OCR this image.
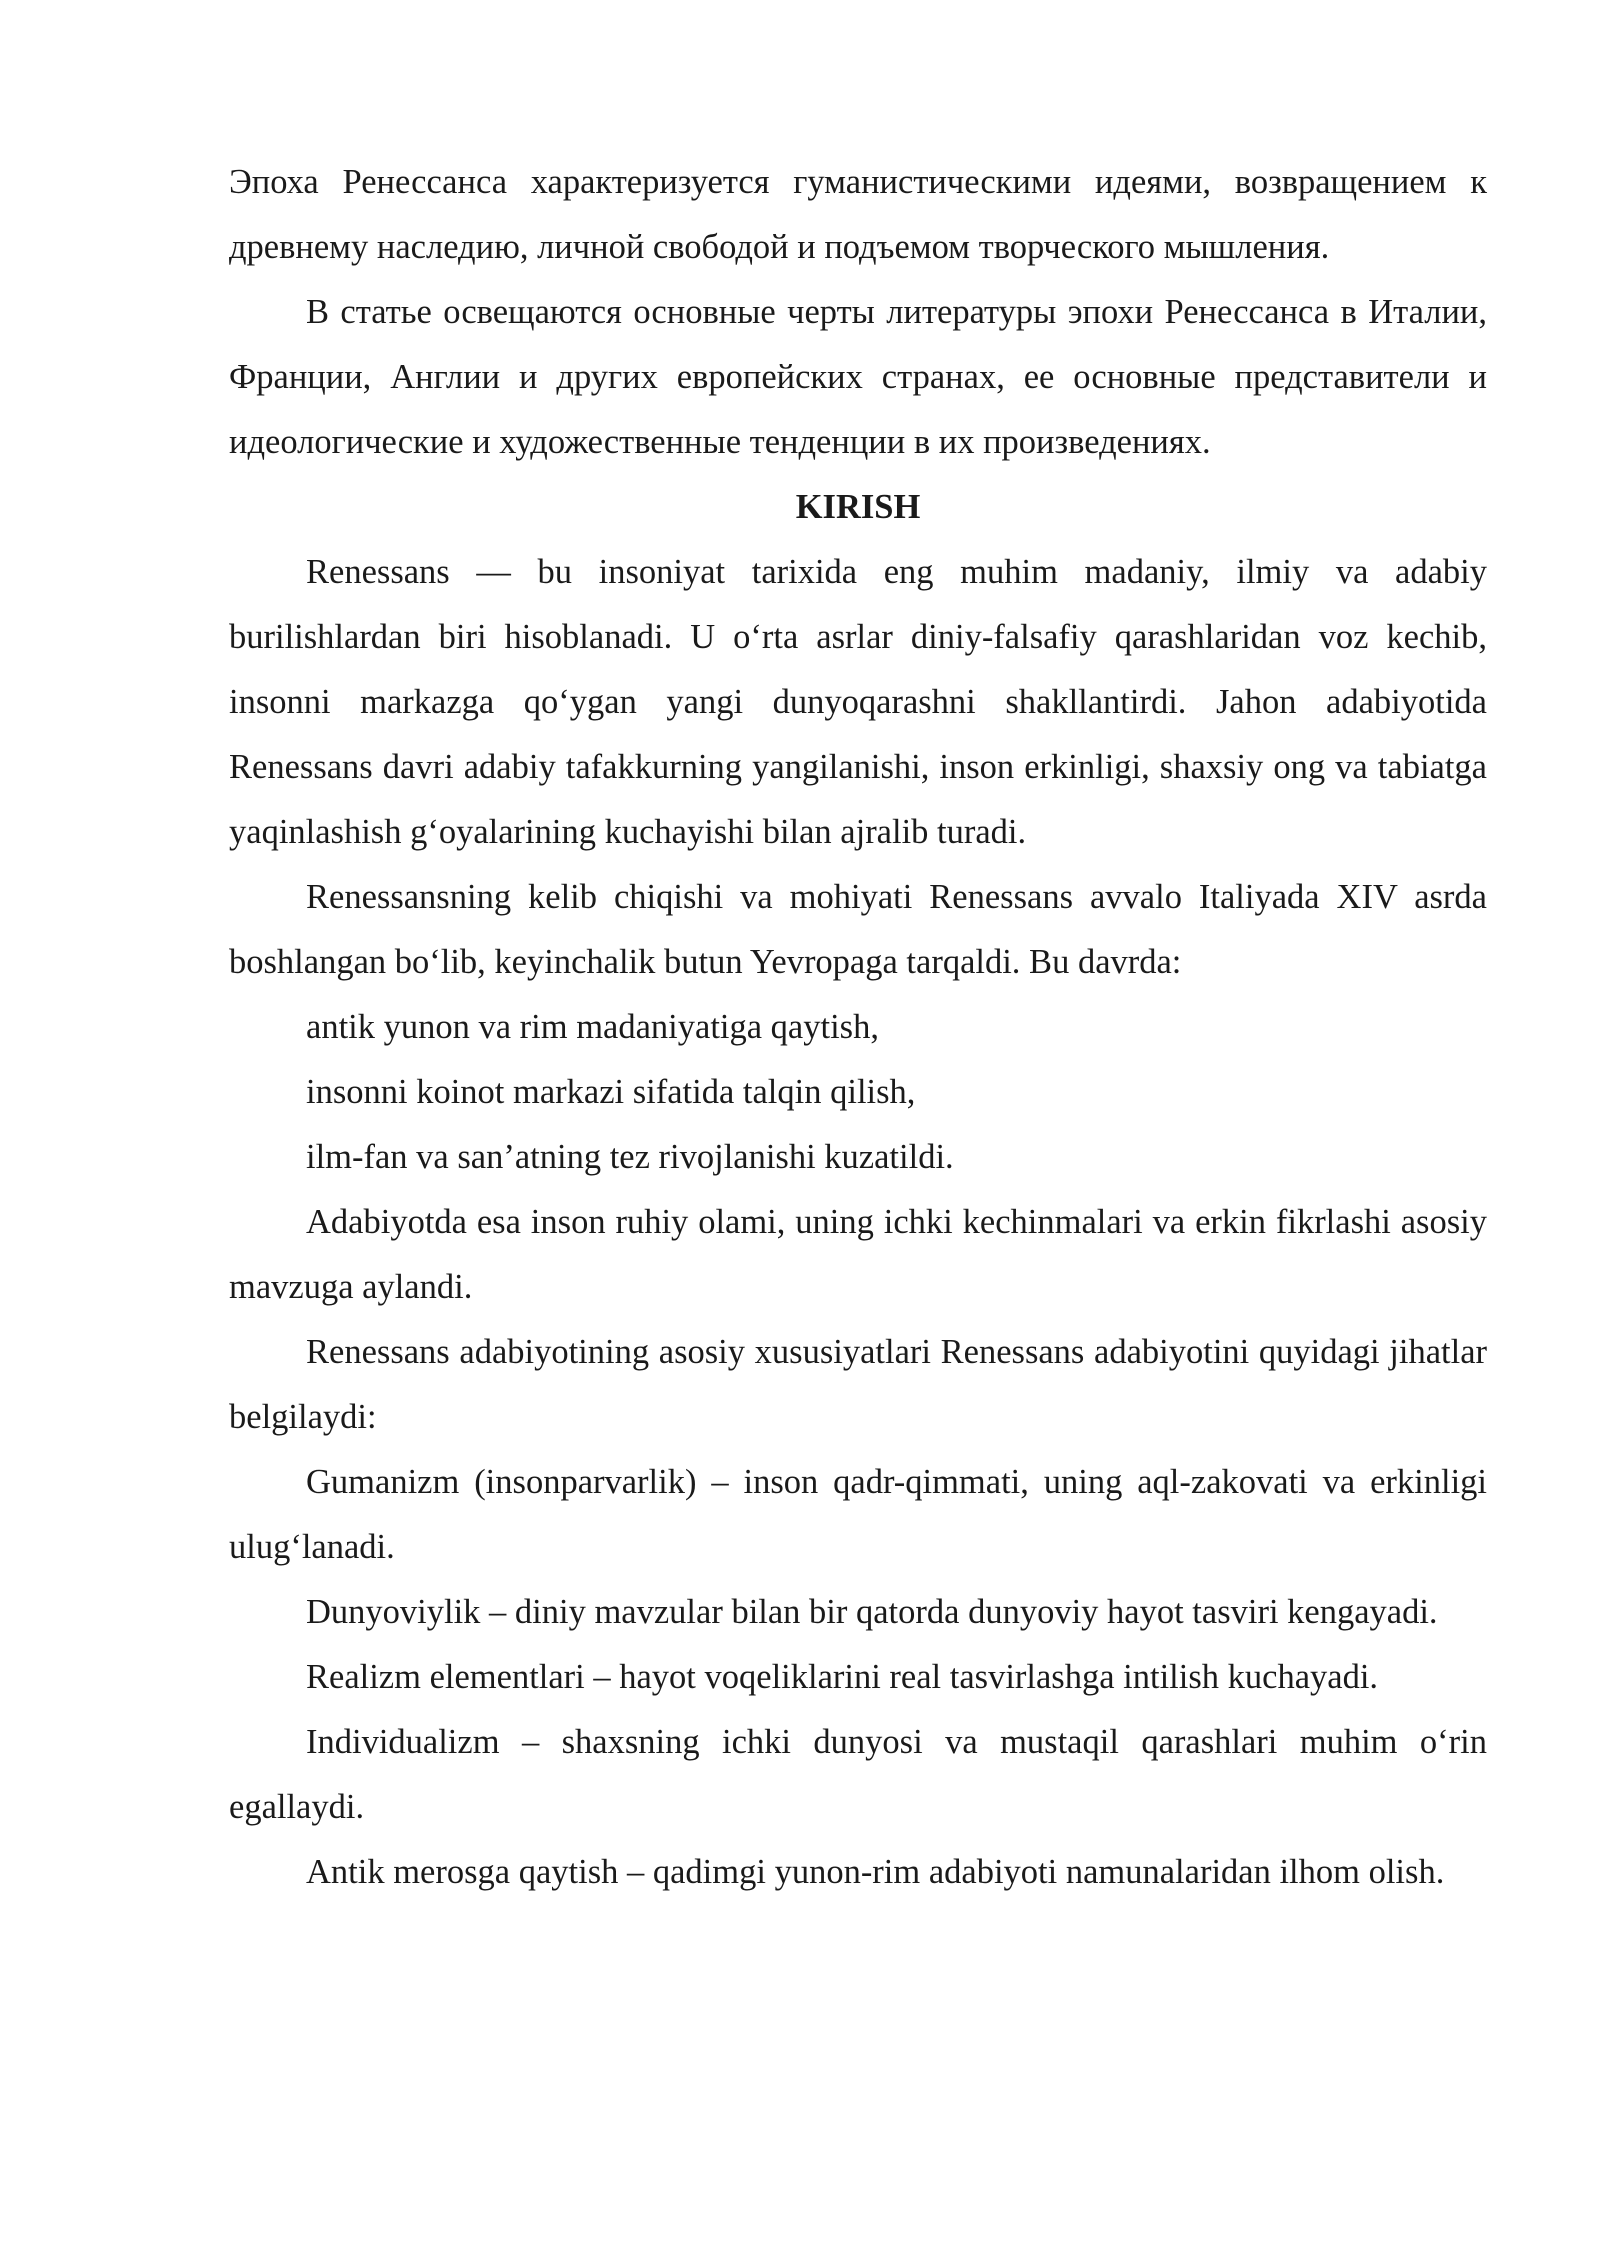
Эпоха Ренессанса характеризуется гуманистическими идеями, возвращением к древнему наследию, личной свободой и подъемом творческого мышления.

В статье освещаются основные черты литературы эпохи Ренессанса в Италии, Франции, Англии и других европейских странах, ее основные представители и идеологические и художественные тенденции в их произведениях.

KIRISH

Renessans — bu insoniyat tarixida eng muhim madaniy, ilmiy va adabiy burilishlardan biri hisoblanadi. U o‘rta asrlar diniy-falsafiy qarashlaridan voz kechib, insonni markazga qo‘ygan yangi dunyoqarashni shakllantirdi. Jahon adabiyotida Renessans davri adabiy tafakkurning yangilanishi, inson erkinligi, shaxsiy ong va tabiatga yaqinlashish g‘oyalarining kuchayishi bilan ajralib turadi.

Renessansning kelib chiqishi va mohiyati Renessans avvalo Italiyada XIV asrda boshlangan bo‘lib, keyinchalik butun Yevropaga tarqaldi. Bu davrda:

antik yunon va rim madaniyatiga qaytish,

insonni koinot markazi sifatida talqin qilish,

ilm-fan va san’atning tez rivojlanishi kuzatildi.

Adabiyotda esa inson ruhiy olami, uning ichki kechinmalari va erkin fikrlashi asosiy mavzuga aylandi.

Renessans adabiyotining asosiy xususiyatlari Renessans adabiyotini quyidagi jihatlar belgilaydi:

Gumanizm (insonparvarlik) – inson qadr-qimmati, uning aql-zakovati va erkinligi ulug‘lanadi.

Dunyoviylik – diniy mavzular bilan bir qatorda dunyoviy hayot tasviri kengayadi.

Realizm elementlari – hayot voqeliklarini real tasvirlashga intilish kuchayadi.

Individualizm – shaxsning ichki dunyosi va mustaqil qarashlari muhim o‘rin egallaydi.

Antik merosga qaytish – qadimgi yunon-rim adabiyoti namunalaridan ilhom olish.
